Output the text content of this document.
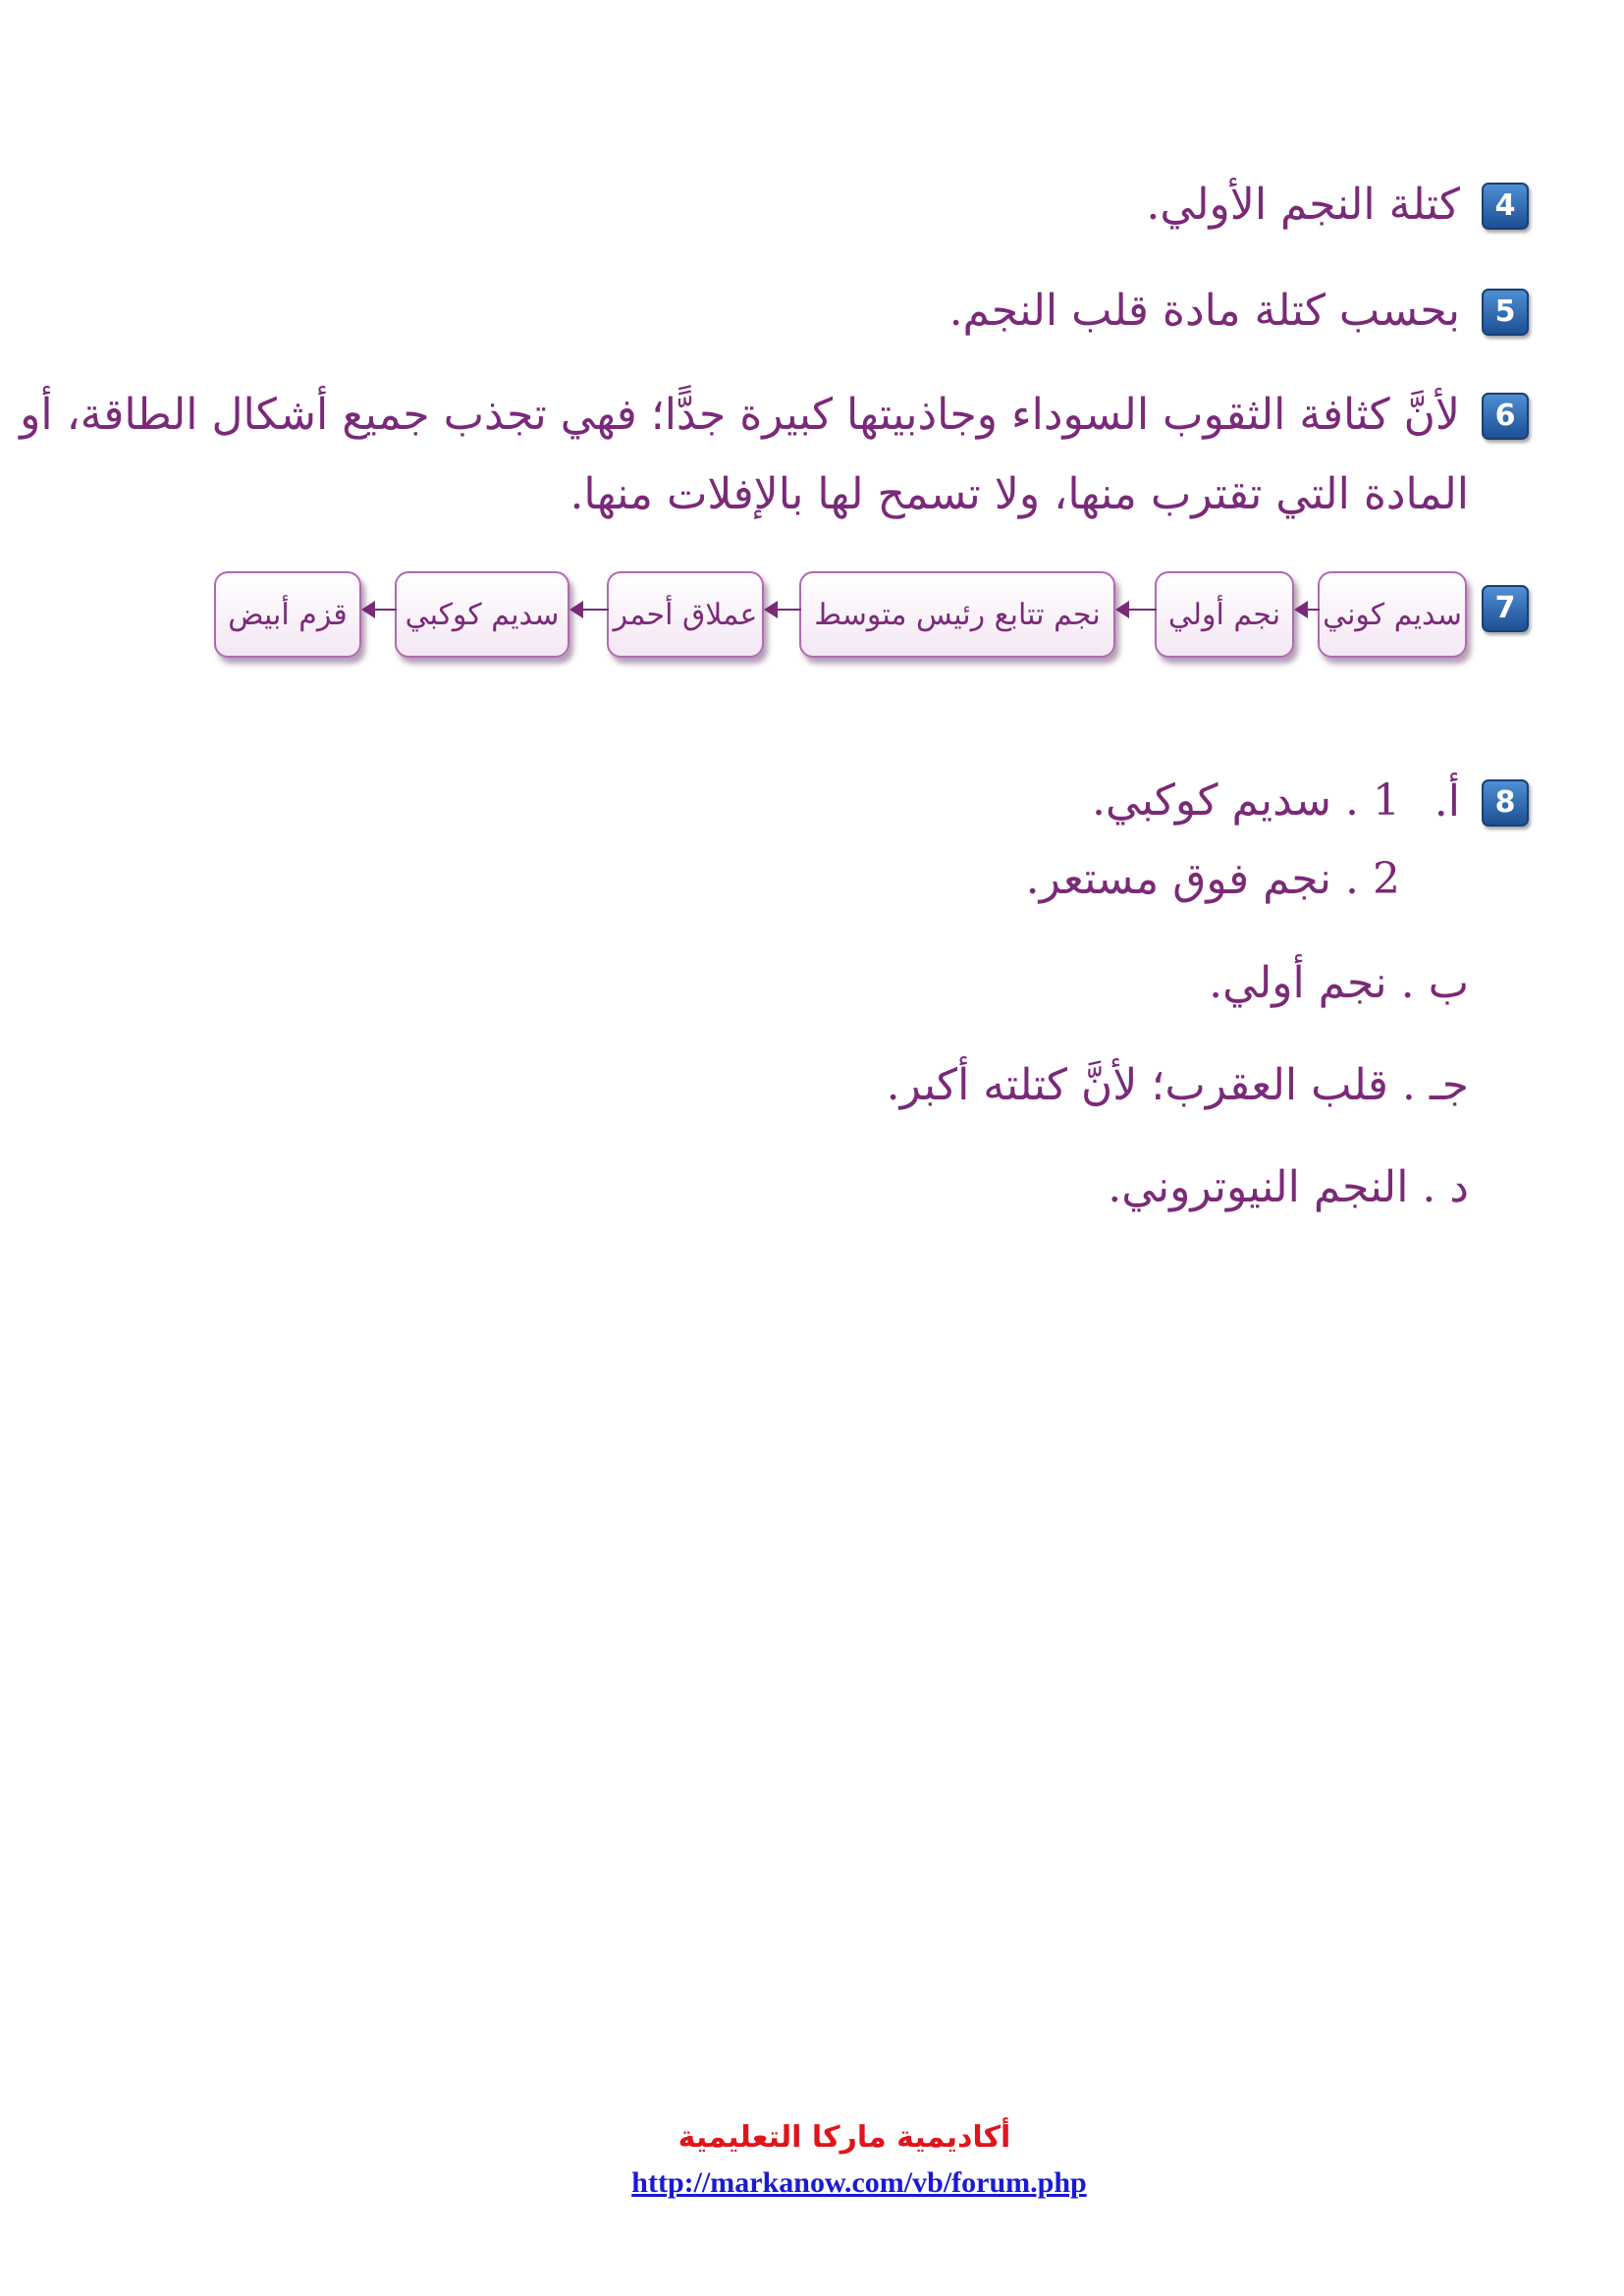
4كتلة النجم الأولي.
5بحسب كتلة مادة قلب النجم.
6لأنَّ كثافة الثقوب السوداء وجاذبيتها كبيرة جدًّا؛ فهي تجذب جميع أشكال الطاقة، أو
المادة التي تقترب منها، ولا تسمح لها بالإفلات منها.
7
سديم كوني
نجم أولي
نجم تتابع رئيس متوسط
عملاق أحمر
سديم كوكبي
قزم أبيض
8أ.
1 . سديم كوكبي.
2 . نجم فوق مستعر.
ب . نجم أولي.
جـ . قلب العقرب؛ لأنَّ كتلته أكبر.
د . النجم النيوتروني.
أكاديمية ماركا التعليمية
http://markanow.com/vb/forum.php
